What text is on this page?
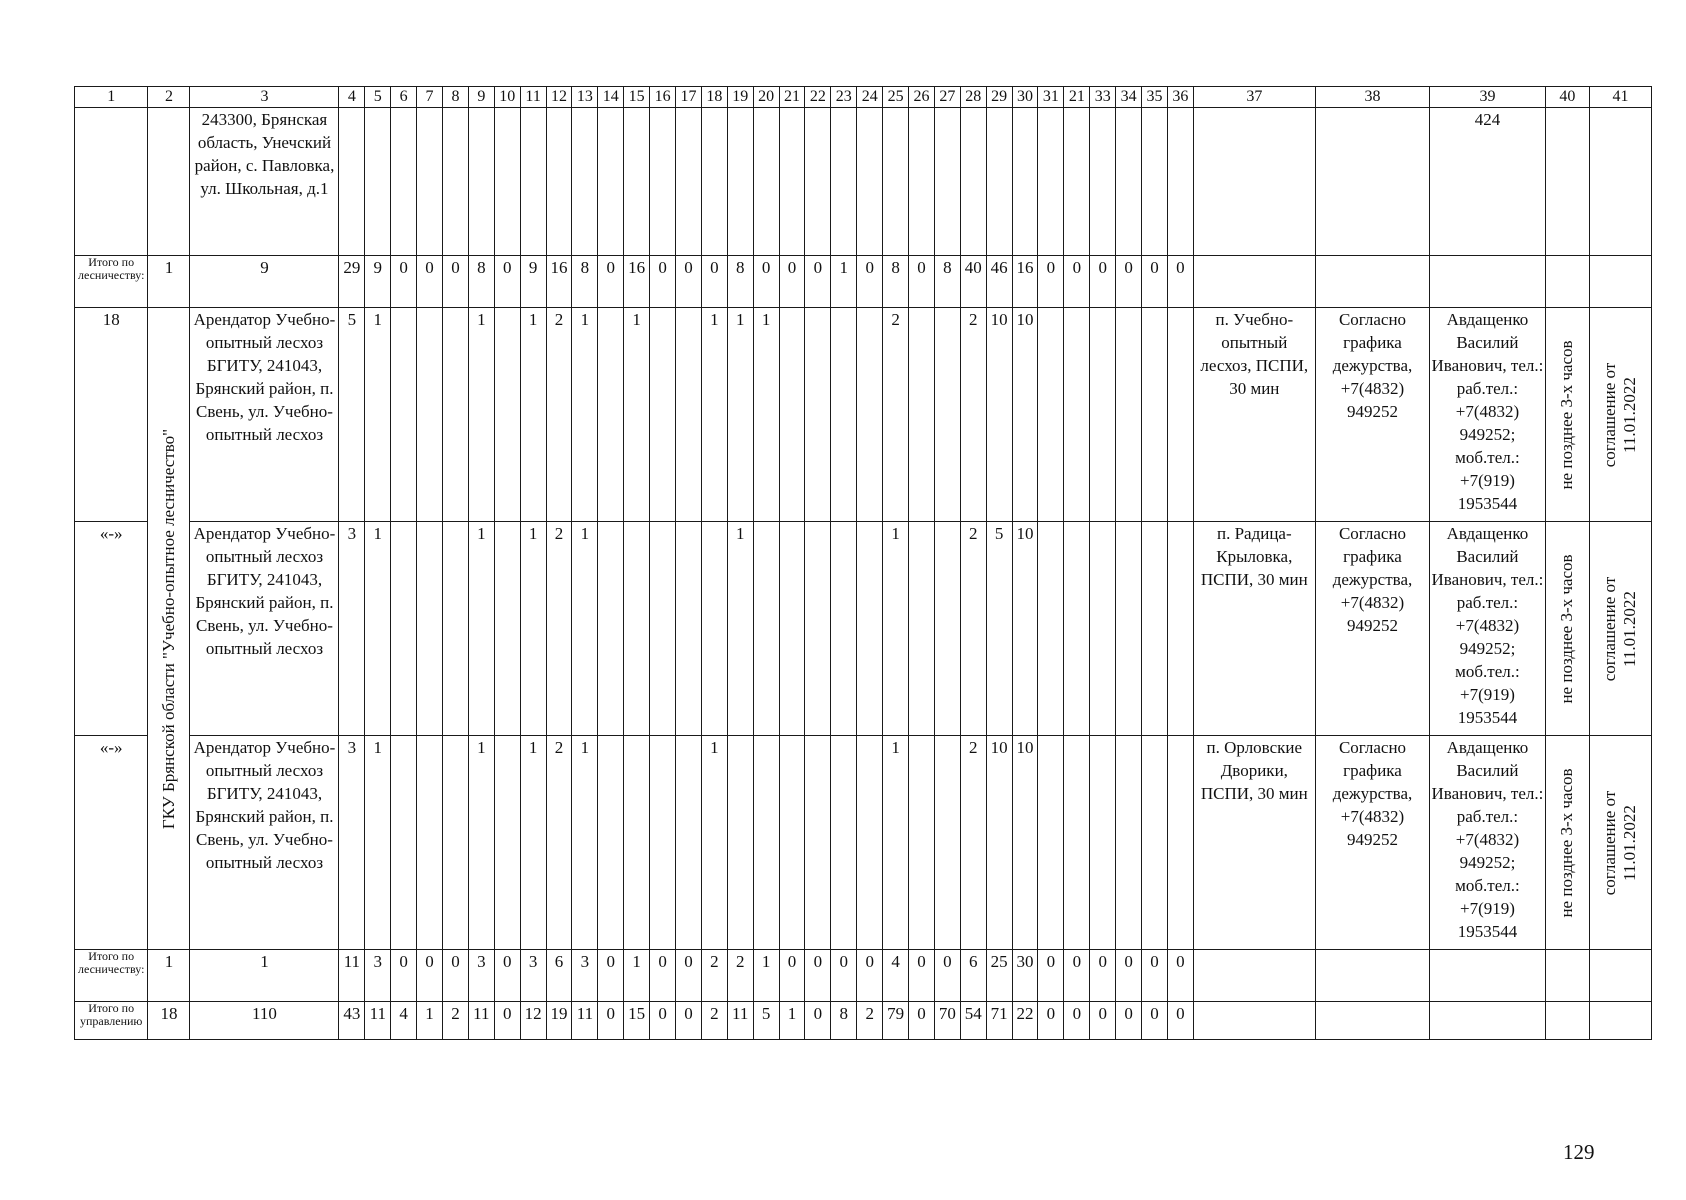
1	2	3	4	5	6	7	8	9	10	11	12	13	14	15	16	17	18	19	20	21	22	23	24	25	26	27	28	29	30	31	21	33	34	35	36	37	38	39	40	41
		243300, Брянская область, Унечский район, с. Павловка, ул. Школьная, д.1																																				424		
Итого по лесничеству:	1	9	29	9	0	0	0	8	0	9	16	8	0	16	0	0	0	8	0	0	0	1	0	8	0	8	40	46	16	0	0	0	0	0	0					
18	ГКУ Брянской области "Учебно-опытное лесничество"	Арендатор Учебно-опытный лесхоз БГИТУ, 241043, Брянский район, п. Свень, ул. Учебно-опытный лесхоз	5	1				1		1	2	1		1			1	1	1					2			2	10	10							п. Учебно-опытный лесхоз, ПСПИ, 30 мин	Согласно графика дежурства, +7(4832) 949252	Авдащенко Василий Иванович, тел.: раб.тел.: +7(4832) 949252; моб.тел.: +7(919) 1953544	не позднее 3-х часов	соглашение от 11.01.2022

«-»		Арендатор Учебно-опытный лесхоз БГИТУ, 241043, Брянский район, п. Свень, ул. Учебно-опытный лесхоз	3	1				1		1	2	1						1						1			2	5	10							п. Радица-Крыловка, ПСПИ, 30 мин	Согласно графика дежурства, +7(4832) 949252	Авдащенко Василий Иванович, тел.: раб.тел.: +7(4832) 949252; моб.тел.: +7(919) 1953544	не позднее 3-х часов	соглашение от 11.01.2022

«-»		Арендатор Учебно-опытный лесхоз БГИТУ, 241043, Брянский район, п. Свень, ул. Учебно-опытный лесхоз	3	1				1		1	2	1					1							1			2	10	10							п. Орловские Дворики, ПСПИ, 30 мин	Согласно графика дежурства, +7(4832) 949252	Авдащенко Василий Иванович, тел.: раб.тел.: +7(4832) 949252; моб.тел.: +7(919) 1953544	не позднее 3-х часов	соглашение от 11.01.2022

Итого по лесничеству:	1	1	11	3	0	0	0	3	0	3	6	3	0	1	0	0	2	2	1	0	0	0	0	4	0	0	6	25	30	0	0	0	0	0	0					
Итого по управлению	18	110	43	11	4	1	2	11	0	12	19	11	0	15	0	0	2	11	5	1	0	8	2	79	0	70	54	71	22	0	0	0	0	0	0					
129
